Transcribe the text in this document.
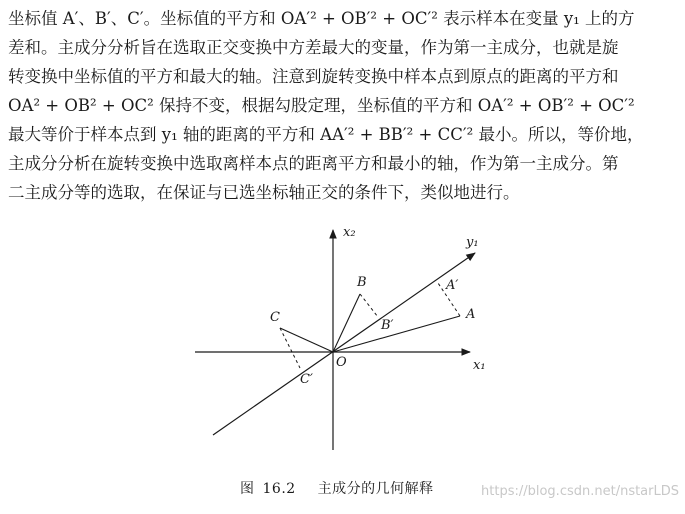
坐标值 A′、B′、C′。坐标值的平方和 OA′² + OB′² + OC′² 表示样本在变量 y₁ 上的方
差和。主成分分析旨在选取正交变换中方差最大的变量，作为第一主成分，也就是旋
转变换中坐标值的平方和最大的轴。注意到旋转变换中样本点到原点的距离的平方和
OA² + OB² + OC² 保持不变，根据勾股定理，坐标值的平方和 OA′² + OB′² + OC′²
最大等价于样本点到 y₁ 轴的距离的平方和 AA′² + BB′² + CC′² 最小。所以，等价地，
主成分分析在旋转变换中选取离样本点的距离平方和最小的轴，作为第一主成分。第
二主成分等的选取，在保证与已选坐标轴正交的条件下，类似地进行。
x₂
y₁
x₁
O
A
A′
B
B′
C
C′
图 16.2 主成分的几何解释	https://blog.csdn.net/nstarLDS
